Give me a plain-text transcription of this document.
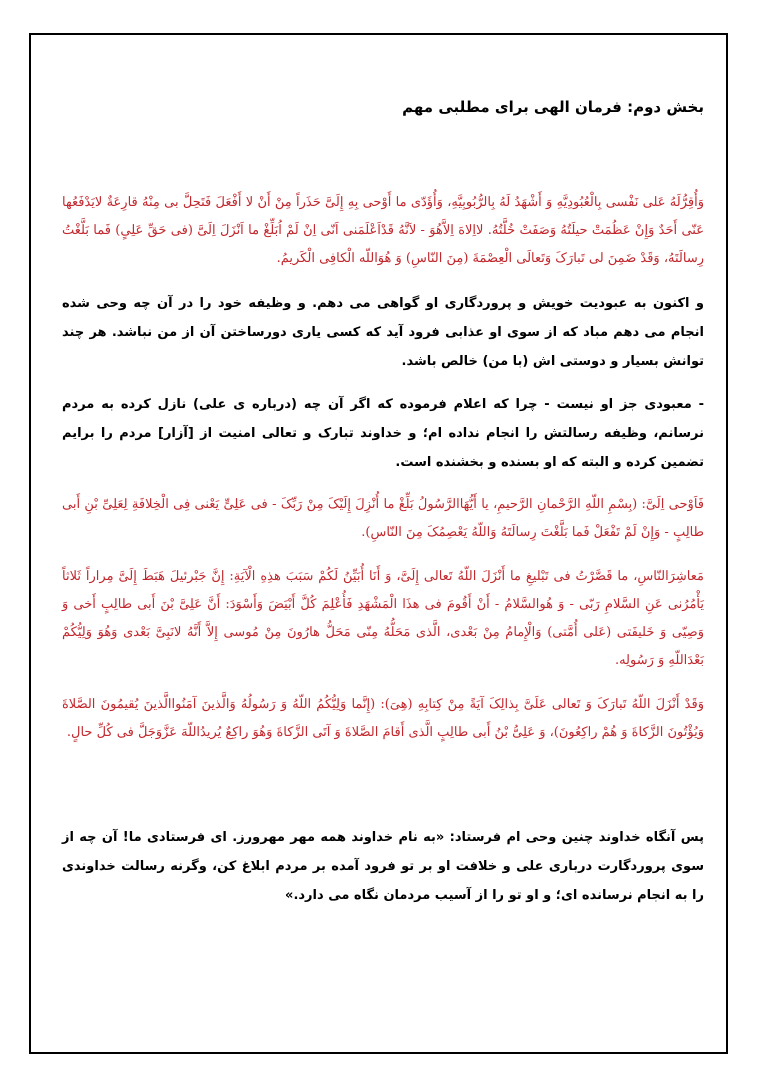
بخش دوم: فرمان الهی برای مطلبی مهم

وَأُقِرُّلَهُ عَلی نَفْسی بِالْعُبُودِیَّهِ وَ أَشْهَدُ لَهُ بِالرُّبُوبِیَّهِ، وَأُؤَدّی ما أَوْحی بِهِ إِلَیَّ حَذَراً مِنْ أَنْ لا أَفْعَلَ فَتَحِلَّ بی مِنْهُ قارِعَةٌ لایَدْفَعُها عَنّی أَحَدٌ وَإِنْ عَظُمَتْ حیلَتُهُ وَصَفَتْ خُلَّتُهُ. لااِلاهَ اِلاَّهُوَ - لاَنَّهُ قَدْاَعْلَمَنی اَنّی اِنْ لَمْ اُبَلِّغْ ما اَنْزَلَ اِلَیَّ (فی حَقِّ عَلِیٍ) فَما بَلَّغْتُ رِسالَتَهُ، وَقَدْ ضَمِنَ لی تَبارَکَ وَتَعالَی الْعِصْمَةَ (مِنَ النّاسِ) وَ هُوَاللّه الْکافِی الْکَریمُ.

و اکنون به عبودیت خویش و پروردگاری او گواهی می دهم. و وظیفه خود را در آن چه وحی شده انجام می دهم مباد که از سوی او عذابی فرود آید که کسی یاری دورساختن آن از من نباشد. هر چند توانش بسیار و دوستی اش (با من) خالص باشد.

- معبودی جز او نیست - چرا که اعلام فرموده که اگر آن چه (درباره ی علی) نازل کرده به مردم نرسانم، وظیفه رسالتش را انجام نداده ام؛ و خداوند تبارک و تعالی امنیت از [آزار] مردم را برایم تضمین کرده و البته که او بسنده و بخشنده است.

فَاَوْحی اِلَیَّ: (بِسْمِ اللّهِ الرَّحْمانِ الرَّحیمِ، یا أَیُّهَاالرَّسُولُ بَلِّغْ ما أُنْزِلَ إِلَیْکَ مِنْ رَبِّکَ - فی عَلِیٍّ یَعْنی فِی الْخِلافَةِ لِعَلِیِّ بْنِ أَبی طالِبٍ - وَإِنْ لَمْ تَفْعَلْ فَما بَلَّغْتَ رِسالَتَهُ وَاللّهُ یَعْصِمُکَ مِنَ النّاسِ).

مَعاشِرَالنّاسِ، ما قَصَّرْتُ فی تَبْلیغِ ما أَنْزَلَ اللّهُ تَعالی إِلَیَّ، وَ أَنَا أُبَیِّنُ لَکُمْ سَبَبَ هذِهِ الْآیَةِ: إِنَّ جَبْرئیلَ هَبَطَ إِلَیَّ مِراراً ثَلاثاً یَأْمُرُنی عَنِ السَّلامِ رَبّی - وَ هُوالسَّلامُ - أَنْ أَقُومَ فی هذَا الْمَشْهَدِ فَأُعْلِمَ کُلَّ أَبْیَضَ وَأَسْوَدَ: أَنَّ عَلِیَّ بْنَ أَبی طالِبٍ أَخی وَ وَصِیّی وَ خَلیفَتی (عَلی أُمَّتی) وَالْإِمامُ مِنْ بَعْدی، الَّذی مَحَلُّهُ مِنّی مَحَلُّ هارُونَ مِنْ مُوسی إِلاَّ أَنَّهُ لانَبِیَّ بَعْدی وَهُوَ وَلِیُّکُمْ بَعْدَاللّهِ وَ رَسُولِه.

وَقَدْ أَنْزَلَ اللّهُ تَبارَکَ وَ تَعالی عَلَیَّ بِذالِکَ آیَةً مِنْ کِتابِهِ (هِیَ): (إِنَّما وَلِیُّکُمُ اللّهُ وَ رَسُولُهُ وَالَّذینَ آمَنُواالَّذینَ یُقیمُونَ الصَّلاةَ وَیُؤْتُونَ الزَّکاةَ وَ هُمْ راکِعُونَ)، وَ عَلِیُّ بْنُ أَبی طالِبٍ الَّذی أَقامَ الصَّلاةَ وَ آتَی الزَّکاةَ وَهُوَ راکِعٌ یُریدُاللّهَ عَزَّوَجَلَّ فی کُلِّ حالٍ.

پس آنگاه خداوند چنین وحی ام فرستاد: «به نام خداوند همه مهر مهرورز. ای فرستادی ما! آن چه از سوی پروردگارت درباری علی و خلافت او بر تو فرود آمده بر مردم ابلاغ کن، وگرنه رسالت خداوندی را به انجام نرسانده ای؛ و او تو را از آسیب مردمان نگاه می دارد.»
